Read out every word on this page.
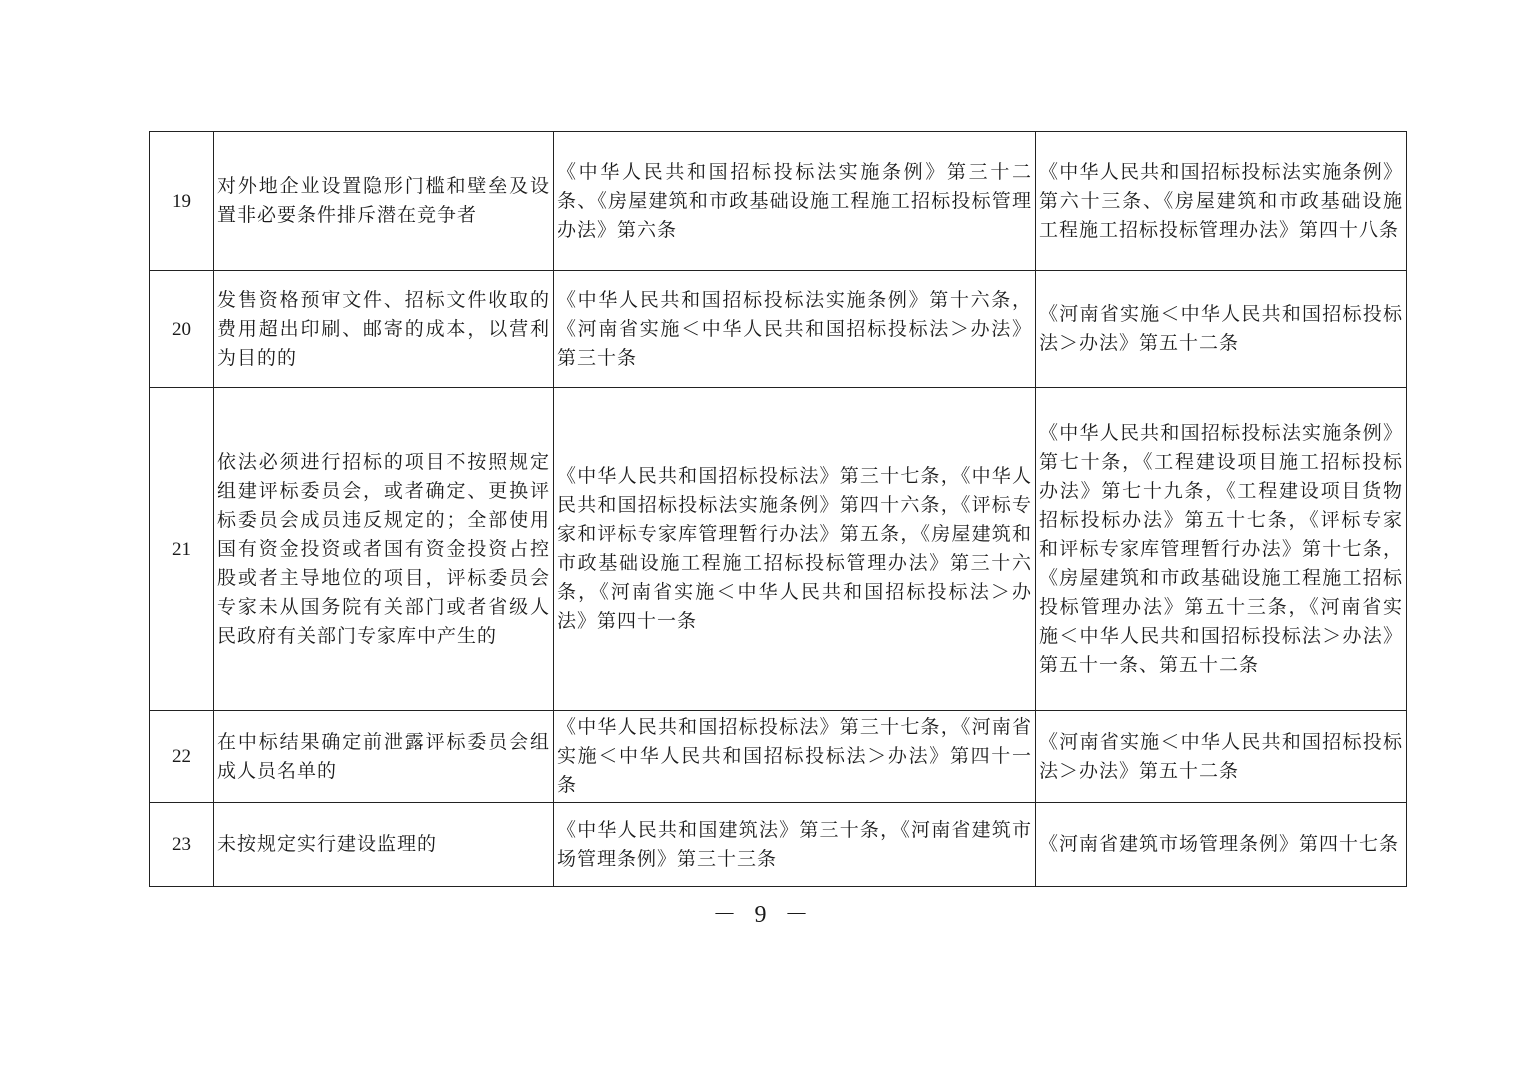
19	对外地企业设置隐形门槛和壁垒及设置非必要条件排斥潜在竞争者	《中华人民共和国招标投标法实施条例》第三十二条、《房屋建筑和市政基础设施工程施工招标投标管理办法》第六条	《中华人民共和国招标投标法实施条例》第六十三条、《房屋建筑和市政基础设施工程施工招标投标管理办法》第四十八条
20	发售资格预审文件、招标文件收取的费用超出印刷、邮寄的成本，以营利为目的的	《中华人民共和国招标投标法实施条例》第十六条，《河南省实施＜中华人民共和国招标投标法＞办法》第三十条	《河南省实施＜中华人民共和国招标投标法＞办法》第五十二条
21	依法必须进行招标的项目不按照规定组建评标委员会，或者确定、更换评标委员会成员违反规定的；全部使用国有资金投资或者国有资金投资占控股或者主导地位的项目，评标委员会专家未从国务院有关部门或者省级人民政府有关部门专家库中产生的	《中华人民共和国招标投标法》第三十七条，《中华人民共和国招标投标法实施条例》第四十六条，《评标专家和评标专家库管理暂行办法》第五条，《房屋建筑和市政基础设施工程施工招标投标管理办法》第三十六条，《河南省实施＜中华人民共和国招标投标法＞办法》第四十一条	《中华人民共和国招标投标法实施条例》第七十条，《工程建设项目施工招标投标办法》第七十九条，《工程建设项目货物招标投标办法》第五十七条，《评标专家和评标专家库管理暂行办法》第十七条，《房屋建筑和市政基础设施工程施工招标投标管理办法》第五十三条，《河南省实施＜中华人民共和国招标投标法＞办法》第五十一条、第五十二条
22	在中标结果确定前泄露评标委员会组成人员名单的	《中华人民共和国招标投标法》第三十七条，《河南省实施＜中华人民共和国招标投标法＞办法》第四十一条	《河南省实施＜中华人民共和国招标投标法＞办法》第五十二条
23	未按规定实行建设监理的	《中华人民共和国建筑法》第三十条，《河南省建筑市场管理条例》第三十三条	《河南省建筑市场管理条例》第四十七条
－ 9 －
